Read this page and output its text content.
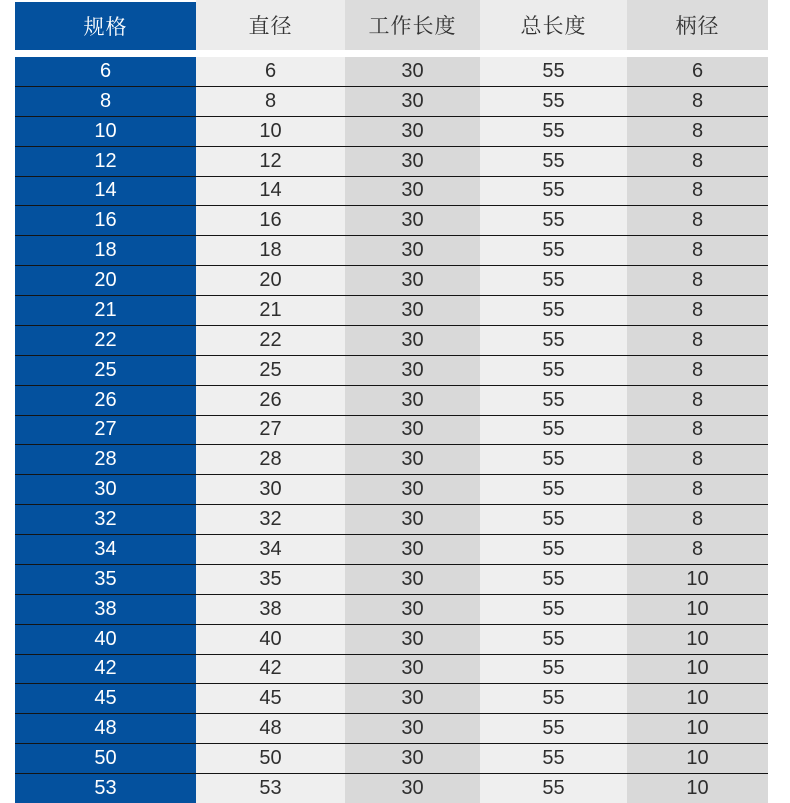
规格	直径	工作长度	总长度	柄径
6	6	30	55	6
8	8	30	55	8
10	10	30	55	8
12	12	30	55	8
14	14	30	55	8
16	16	30	55	8
18	18	30	55	8
20	20	30	55	8
21	21	30	55	8
22	22	30	55	8
25	25	30	55	8
26	26	30	55	8
27	27	30	55	8
28	28	30	55	8
30	30	30	55	8
32	32	30	55	8
34	34	30	55	8
35	35	30	55	10
38	38	30	55	10
40	40	30	55	10
42	42	30	55	10
45	45	30	55	10
48	48	30	55	10
50	50	30	55	10
53	53	30	55	10
